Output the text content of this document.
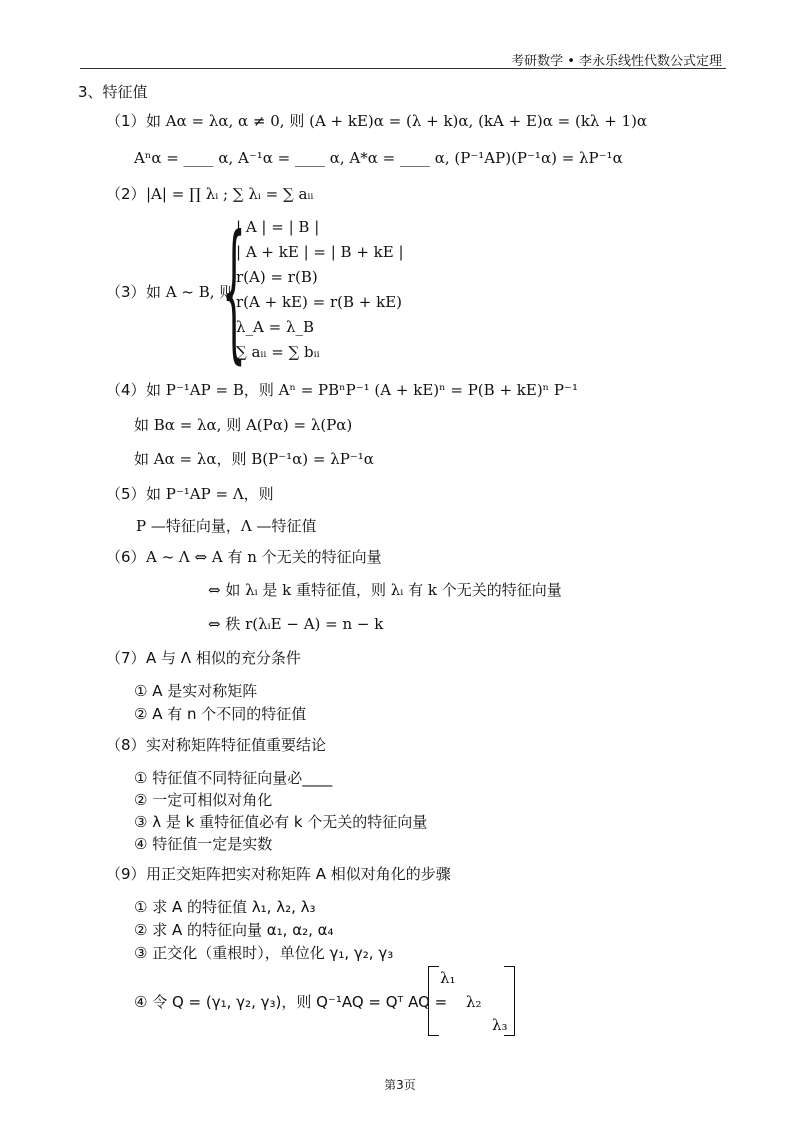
考研数学 • 李永乐线性代数公式定理
3、特征值
（1） 如 Aα = λα, α ≠ 0, 则 (A + kE)α = (λ + k)α, (kA + E)α = (kλ + 1)α
Aⁿα = ____ α, A⁻¹α = ____ α, A*α = ____ α, (P⁻¹AP)(P⁻¹α) = λP⁻¹α
（2） |A| = ∏ λᵢ ; ∑ λᵢ = ∑ aᵢᵢ
（3） 如 A ~ B, 则
{
| A | = | B |
| A + kE | = | B + kE |
r(A) = r(B)
r(A + kE) = r(B + kE)
λ_A = λ_B
∑ aᵢᵢ = ∑ bᵢᵢ
（4） 如 P⁻¹AP = B，则 Aⁿ = PBⁿP⁻¹ (A + kE)ⁿ = P(B + kE)ⁿ P⁻¹
如 Bα = λα, 则 A(Pα) = λ(Pα)
如 Aα = λα，则 B(P⁻¹α) = λP⁻¹α
（5） 如 P⁻¹AP = Λ，则
P —特征向量，Λ —特征值
（6） A ~ Λ ⇔ A 有 n 个无关的特征向量
⇔ 如 λᵢ 是 k 重特征值，则 λᵢ 有 k 个无关的特征向量
⇔ 秩 r(λᵢE − A) = n − k
（7） A 与 Λ 相似的充分条件
① A 是实对称矩阵
② A 有 n 个不同的特征值
（8） 实对称矩阵特征值重要结论
① 特征值不同特征向量必____
② 一定可相似对角化
③ λ 是 k 重特征值必有 k 个无关的特征向量
④ 特征值一定是实数
（9） 用正交矩阵把实对称矩阵 A 相似对角化的步骤
① 求 A 的特征值 λ₁, λ₂, λ₃
② 求 A 的特征向量 α₁, α₂, α₄
③ 正交化（重根时），单位化 γ₁, γ₂, γ₃
④ 令 Q = (γ₁, γ₂, γ₃)，则 Q⁻¹AQ = Qᵀ AQ =
λ₁
λ₂
λ₃
第3页
